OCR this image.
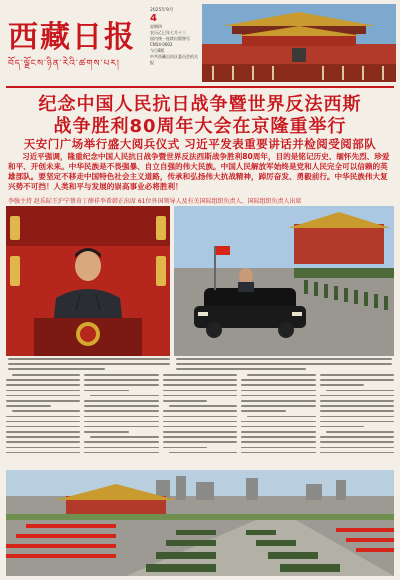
西藏日报
བོད་ལྗོངས་ཉིན་རེའི་ཚགས་པར།
2025年9月
4
星期四
农历乙巳年七月十三
国内统一连续出版物号
CN54-0002
今日8版
中共西藏自治区委员会机关报
纪念中国人民抗日战争暨世界反法西斯
战争胜利80周年大会在京隆重举行
天安门广场举行盛大阅兵仪式 习近平发表重要讲话并检阅受阅部队
习近平强调，隆重纪念中国人民抗日战争暨世界反法西斯战争胜利80周年，目的是铭记历史、缅怀先烈、珍爱和平、开创未来。中华民族是不畏强暴、自立自强的伟大民族。中国人民解放军始终是党和人民完全可以信赖的英雄部队。要坚定不移走中国特色社会主义道路，传承和弘扬伟大抗战精神，踔厉奋发、勇毅前行。中华民族伟大复兴势不可挡！人类和平与发展的崇高事业必将胜利！
李强主持 赵乐际王沪宁蔡奇丁薛祥李希韩正出席 61位外国领导人及有关国际组织负责人、国际组织负责人出席
